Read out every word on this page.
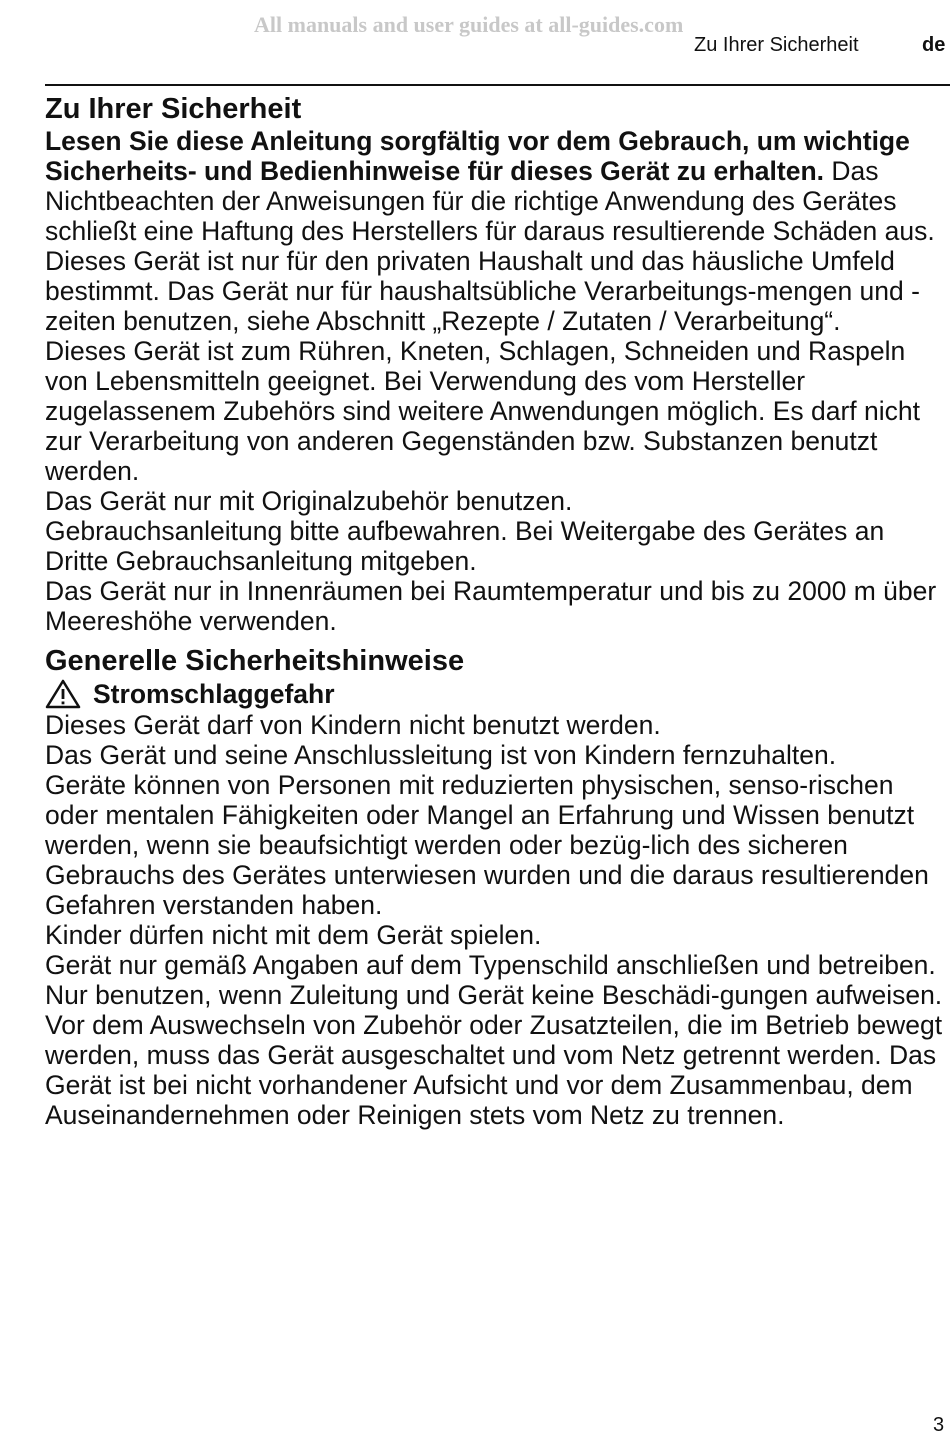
All manuals and user guides at all-guides.com
Zu Ihrer Sicherheit	de
Zu Ihrer Sicherheit

Lesen Sie diese Anleitung sorgfältig vor dem Gebrauch, um wichtige Sicherheits- und Bedienhinweise für dieses Gerät zu erhalten. Das Nichtbeachten der Anweisungen für die richtige Anwendung des Gerätes schließt eine Haftung des Herstellers für daraus resultierende Schäden aus.

Dieses Gerät ist nur für den privaten Haushalt und das häusliche Umfeld bestimmt. Das Gerät nur für haushaltsübliche Verarbeitungs-mengen und -zeiten benutzen, siehe Abschnitt „Rezepte / Zutaten / Verarbeitung“.

Dieses Gerät ist zum Rühren, Kneten, Schlagen, Schneiden und Raspeln von Lebensmitteln geeignet. Bei Verwendung des vom Hersteller zugelassenem Zubehörs sind weitere Anwendungen möglich. Es darf nicht zur Verarbeitung von anderen Gegenständen bzw. Substanzen benutzt werden.

Das Gerät nur mit Originalzubehör benutzen.

Gebrauchsanleitung bitte aufbewahren. Bei Weitergabe des Gerätes an Dritte Gebrauchsanleitung mitgeben.

Das Gerät nur in Innenräumen bei Raumtemperatur und bis zu 2000 m über Meereshöhe verwenden.

Generelle Sicherheitshinweise
Stromschlaggefahr

Dieses Gerät darf von Kindern nicht benutzt werden.

Das Gerät und seine Anschlussleitung ist von Kindern fernzuhalten.

Geräte können von Personen mit reduzierten physischen, senso-rischen oder mentalen Fähigkeiten oder Mangel an Erfahrung und Wissen benutzt werden, wenn sie beaufsichtigt werden oder bezüg-lich des sicheren Gebrauchs des Gerätes unterwiesen wurden und die daraus resultierenden Gefahren verstanden haben.

Kinder dürfen nicht mit dem Gerät spielen.

Gerät nur gemäß Angaben auf dem Typenschild anschließen und betreiben. Nur benutzen, wenn Zuleitung und Gerät keine Beschädi-gungen aufweisen.

Vor dem Auswechseln von Zubehör oder Zusatzteilen, die im Betrieb bewegt werden, muss das Gerät ausgeschaltet und vom Netz getrennt werden. Das Gerät ist bei nicht vorhandener Aufsicht und vor dem Zusammenbau, dem Auseinandernehmen oder Reinigen stets vom Netz zu trennen.

3
